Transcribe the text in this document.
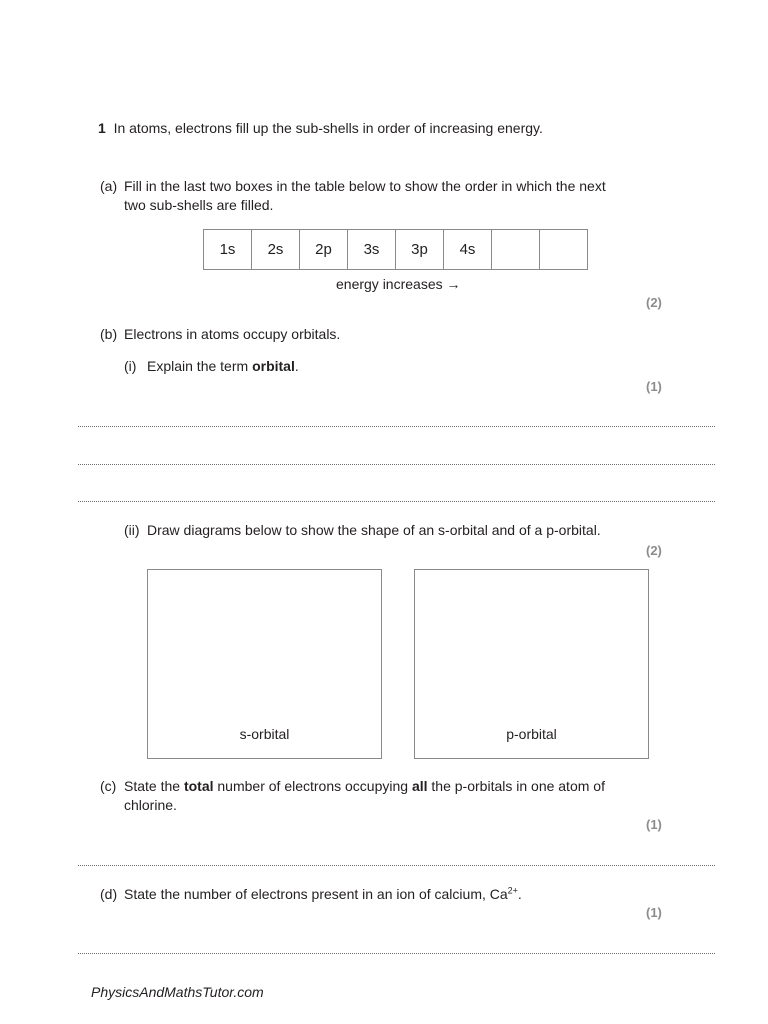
1 In atoms, electrons fill up the sub-shells in order of increasing energy.
(a) Fill in the last two boxes in the table below to show the order in which the next
two sub-shells are filled.
1s	2s	2p	3s	3p	4s		
energy increases →
(2)
(b) Electrons in atoms occupy orbitals.
(i) Explain the term orbital.
(1)
(ii) Draw diagrams below to show the shape of an s-orbital and of a p-orbital.
(2)
s-orbital	p-orbital
(c) State the total number of electrons occupying all the p-orbitals in one atom of
chlorine.
(1)
(d) State the number of electrons present in an ion of calcium, $Ca^{2+}$.
(1)
PhysicsAndMathsTutor.com
